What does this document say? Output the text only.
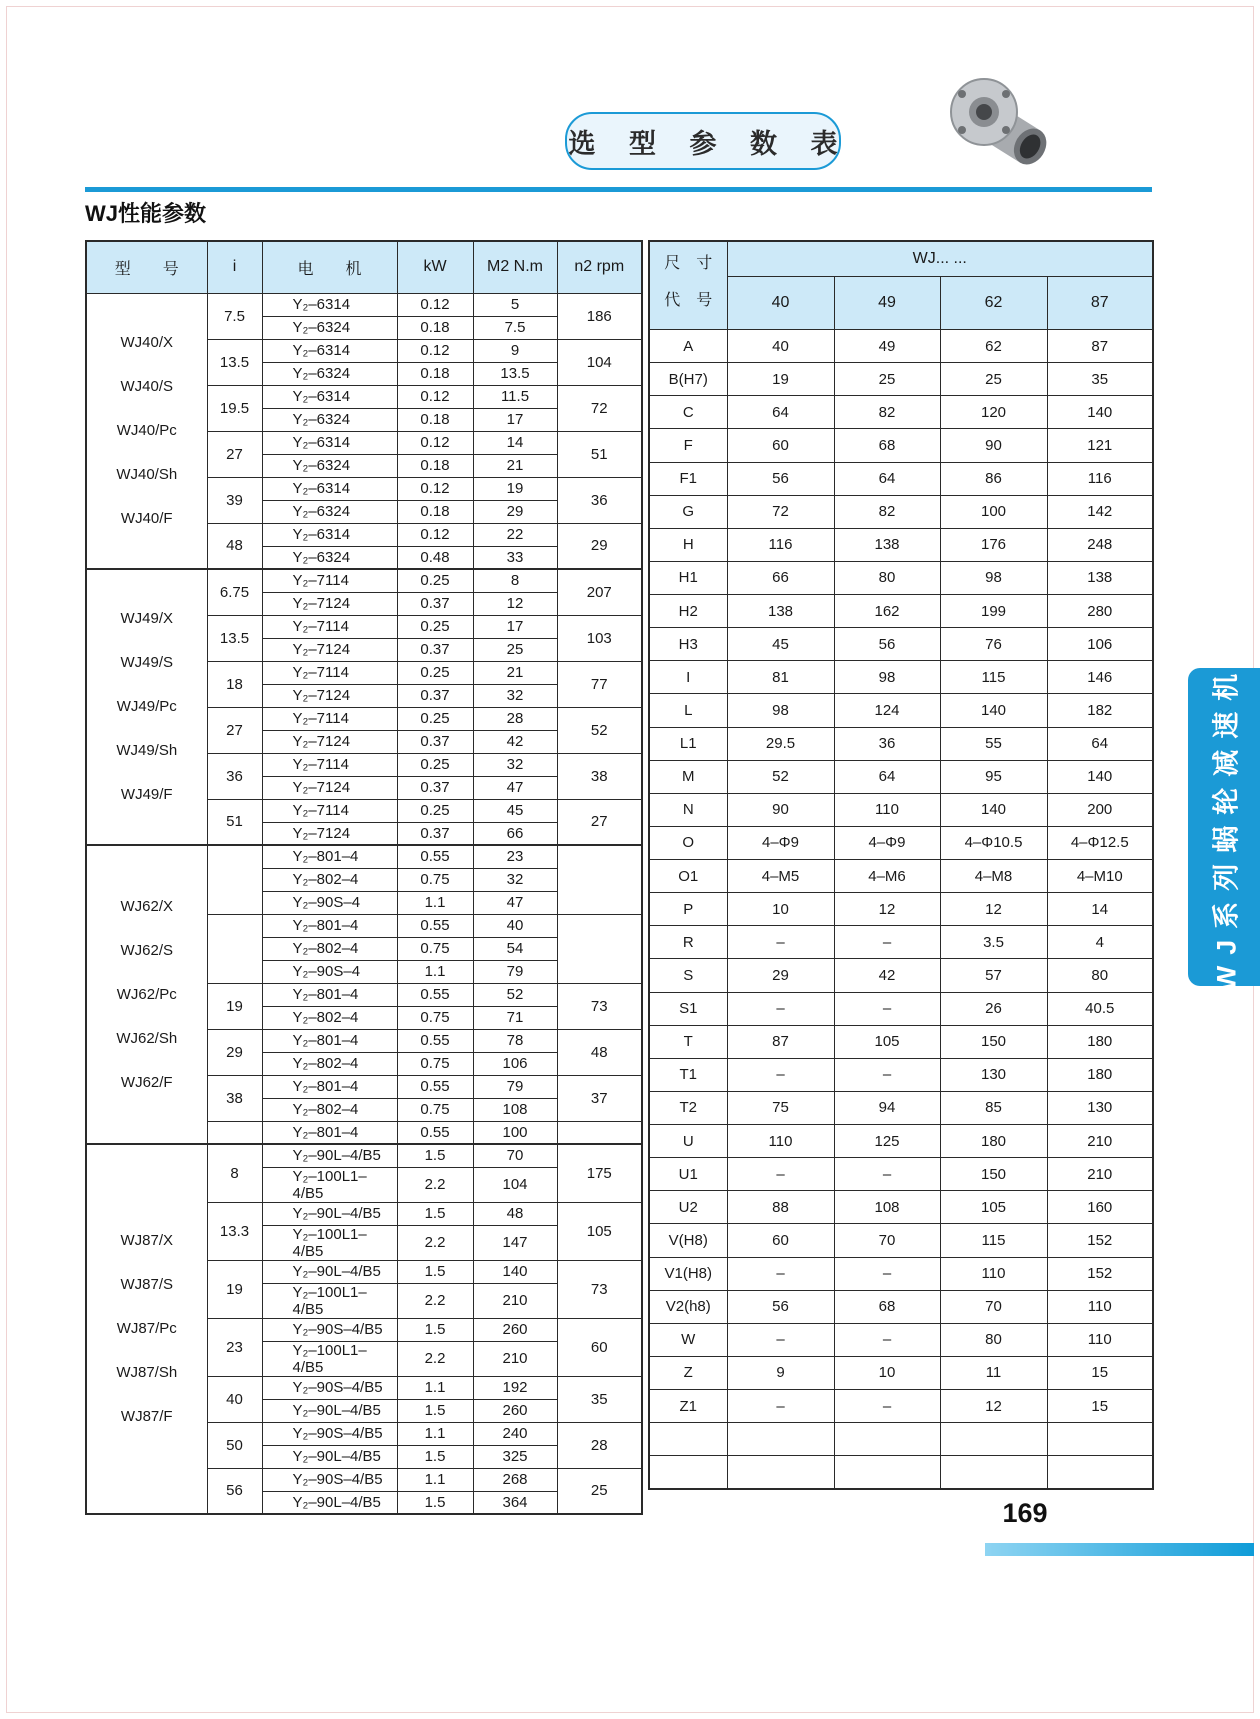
选 型 参 数 表
WJ性能参数
型　　号	i	电　　机	kW	M2 N.m	n2 rpm
WJ40/X
WJ40/S
WJ40/Pc
WJ40/Sh
WJ40/F	7.5	Y₂–6314	0.12	5	186
		Y₂–6324	0.18	7.5	
	13.5	Y₂–6314	0.12	9	104
		Y₂–6324	0.18	13.5	
	19.5	Y₂–6314	0.12	11.5	72
		Y₂–6324	0.18	17	
	27	Y₂–6314	0.12	14	51
		Y₂–6324	0.18	21	
	39	Y₂–6314	0.12	19	36
		Y₂–6324	0.18	29	
	48	Y₂–6314	0.12	22	29
		Y₂–6324	0.48	33	
WJ49/X
WJ49/S
WJ49/Pc
WJ49/Sh
WJ49/F	6.75	Y₂–7114	0.25	8	207
		Y₂–7124	0.37	12	
	13.5	Y₂–7114	0.25	17	103
		Y₂–7124	0.37	25	
	18	Y₂–7114	0.25	21	77
		Y₂–7124	0.37	32	
	27	Y₂–7114	0.25	28	52
		Y₂–7124	0.37	42	
	36	Y₂–7114	0.25	32	38
		Y₂–7124	0.37	47	
	51	Y₂–7114	0.25	45	27
		Y₂–7124	0.37	66	
WJ62/X
WJ62/S
WJ62/Pc
WJ62/Sh
WJ62/F		Y₂–801–4	0.55	23	
		Y₂–802–4	0.75	32	
		Y₂–90S–4	1.1	47	
		Y₂–801–4	0.55	40	
		Y₂–802–4	0.75	54	
		Y₂–90S–4	1.1	79	
	19	Y₂–801–4	0.55	52	73
		Y₂–802–4	0.75	71	
	29	Y₂–801–4	0.55	78	48
		Y₂–802–4	0.75	106	
	38	Y₂–801–4	0.55	79	37
		Y₂–802–4	0.75	108	
		Y₂–801–4	0.55	100	
WJ87/X
WJ87/S
WJ87/Pc
WJ87/Sh
WJ87/F	8	Y₂–90L–4/B5	1.5	70	175
		Y₂–100L1–4/B5	2.2	104	
	13.3	Y₂–90L–4/B5	1.5	48	105
		Y₂–100L1–4/B5	2.2	147	
	19	Y₂–90L–4/B5	1.5	140	73
		Y₂–100L1–4/B5	2.2	210	
	23	Y₂–90S–4/B5	1.5	260	60
		Y₂–100L1–4/B5	2.2	210	
	40	Y₂–90S–4/B5	1.1	192	35
		Y₂–90L–4/B5	1.5	260	
	50	Y₂–90S–4/B5	1.1	240	28
		Y₂–90L–4/B5	1.5	325	
	56	Y₂–90S–4/B5	1.1	268	25
		Y₂–90L–4/B5	1.5	364	
尺　寸
代　号	WJ... ...			
	40	49	62	87
A	40	49	62	87
B(H7)	19	25	25	35
C	64	82	120	140
F	60	68	90	121
F1	56	64	86	116
G	72	82	100	142
H	116	138	176	248
H1	66	80	98	138
H2	138	162	199	280
H3	45	56	76	106
I	81	98	115	146
L	98	124	140	182
L1	29.5	36	55	64
M	52	64	95	140
N	90	110	140	200
O	4–Φ9	4–Φ9	4–Φ10.5	4–Φ12.5
O1	4–M5	4–M6	4–M8	4–M10
P	10	12	12	14
R	–	–	3.5	4
S	29	42	57	80
S1	–	–	26	40.5
T	87	105	150	180
T1	–	–	130	180
T2	75	94	85	130
U	110	125	180	210
U1	–	–	150	210
U2	88	108	105	160
V(H8)	60	70	115	152
V1(H8)	–	–	110	152
V2(h8)	56	68	70	110
W	–	–	80	110
Z	9	10	11	15
Z1	–	–	12	15

WJ系列蜗轮减速机
169
